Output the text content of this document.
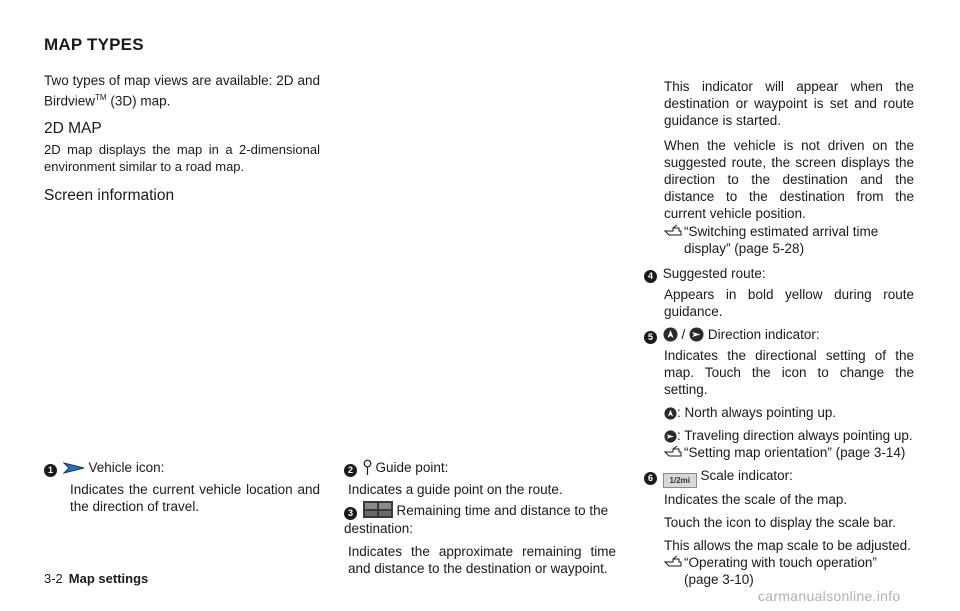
MAP TYPES

Two types of map views are available: 2D and Birdview™ (3D) map.

2D MAP

2D map displays the map in a 2-dimensional environment similar to a road map.

Screen information
1	Vehicle icon:

Indicates the current vehicle location and the direction of travel.

2 Guide point:

Indicates a guide point on the route.

3	Remaining time and distance to the destination:

Indicates the approximate remaining time and distance to the destination or waypoint.

This indicator will appear when the destination or waypoint is set and route guidance is started.

When the vehicle is not driven on the suggested route, the screen displays the direction to the destination and the distance to the destination from the current vehicle position.

“Switching estimated arrival time display” (page 5-28)
4 Suggested route:

Appears in bold yellow during route guidance.

5 / Direction indicator:

Indicates the directional setting of the map. Touch the icon to change the setting.

: North always pointing up.
: Traveling direction always pointing up.
“Setting map orientation” (page 3-14)
6 1/2mi Scale indicator:

Indicates the scale of the map.

Touch the icon to display the scale bar.

This allows the map scale to be adjusted.

“Operating with touch operation” (page 3-10)
3-2 Map settings
carmanualsonline.info
